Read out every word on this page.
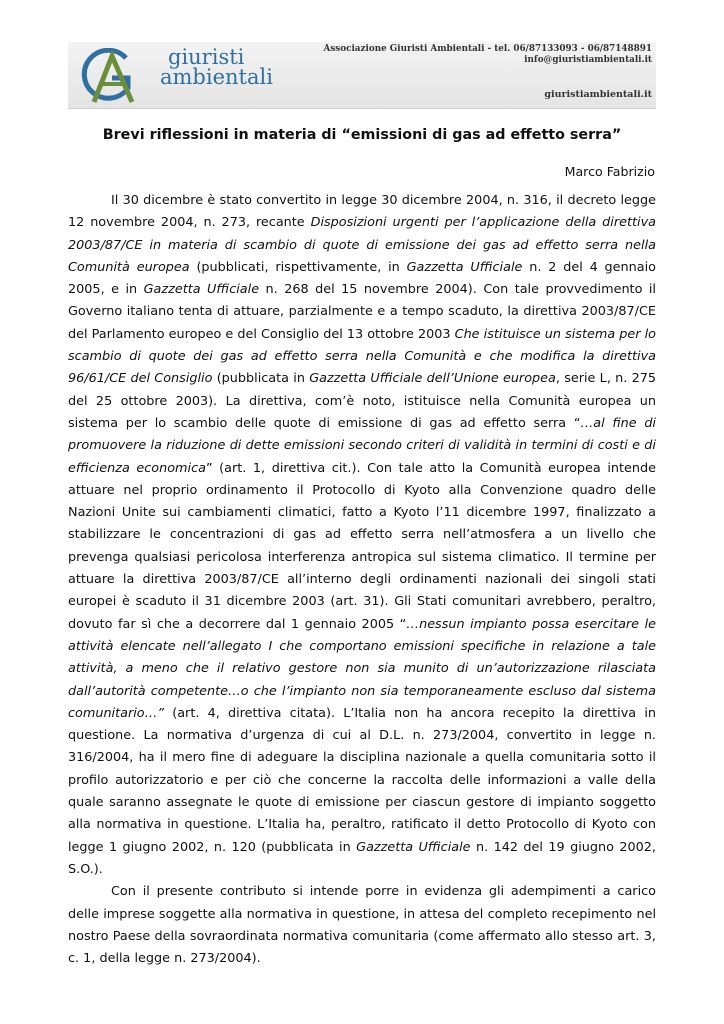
giuristi
ambientali
Associazione Giuristi Ambientali - tel. 06/87133093 - 06/87148891
info@giuristiambientali.it
giuristiambientali.it
Brevi riflessioni in materia di “emissioni di gas ad effetto serra”

Marco Fabrizio

Il 30 dicembre è stato convertito in legge 30 dicembre 2004, n. 316, il decreto legge 12 novembre 2004, n. 273, recante Disposizioni urgenti per l’applicazione della direttiva 2003/87/CE in materia di scambio di quote di emissione dei gas ad effetto serra nella Comunità europea (pubblicati, rispettivamente, in Gazzetta Ufficiale n. 2 del 4 gennaio 2005, e in Gazzetta Ufficiale n. 268 del 15 novembre 2004). Con tale provvedimento il Governo italiano tenta di attuare, parzialmente e a tempo scaduto, la direttiva 2003/87/CE del Parlamento europeo e del Consiglio del 13 ottobre 2003 Che istituisce un sistema per lo scambio di quote dei gas ad effetto serra nella Comunità e che modifica la direttiva 96/61/CE del Consiglio (pubblicata in Gazzetta Ufficiale dell’Unione europea, serie L, n. 275 del 25 ottobre 2003). La direttiva, com’è noto, istituisce nella Comunità europea un sistema per lo scambio delle quote di emissione di gas ad effetto serra “…al fine di promuovere la riduzione di dette emissioni secondo criteri di validità in termini di costi e di efficienza economica” (art. 1, direttiva cit.). Con tale atto la Comunità europea intende attuare nel proprio ordinamento il Protocollo di Kyoto alla Convenzione quadro delle Nazioni Unite sui cambiamenti climatici, fatto a Kyoto l’11 dicembre 1997, finalizzato a stabilizzare le concentrazioni di gas ad effetto serra nell’atmosfera a un livello che prevenga qualsiasi pericolosa interferenza antropica sul sistema climatico. Il termine per attuare la direttiva 2003/87/CE all’interno degli ordinamenti nazionali dei singoli stati europei è scaduto il 31 dicembre 2003 (art. 31). Gli Stati comunitari avrebbero, peraltro, dovuto far sì che a decorrere dal 1 gennaio 2005 “…nessun impianto possa esercitare le attività elencate nell’allegato I che comportano emissioni specifiche in relazione a tale attività, a meno che il relativo gestore non sia munito di un’autorizzazione rilasciata dall’autorità competente…o che l’impianto non sia temporaneamente escluso dal sistema comunitario…” (art. 4, direttiva citata). L’Italia non ha ancora recepito la direttiva in questione. La normativa d’urgenza di cui al D.L. n. 273/2004, convertito in legge n. 316/2004, ha il mero fine di adeguare la disciplina nazionale a quella comunitaria sotto il profilo autorizzatorio e per ciò che concerne la raccolta delle informazioni a valle della quale saranno assegnate le quote di emissione per ciascun gestore di impianto soggetto alla normativa in questione. L’Italia ha, peraltro, ratificato il detto Protocollo di Kyoto con legge 1 giugno 2002, n. 120 (pubblicata in Gazzetta Ufficiale n. 142 del 19 giugno 2002, S.O.).

Con il presente contributo si intende porre in evidenza gli adempimenti a carico delle imprese soggette alla normativa in questione, in attesa del completo recepimento nel nostro Paese della sovraordinata normativa comunitaria (come affermato allo stesso art. 3, c. 1, della legge n. 273/2004).
